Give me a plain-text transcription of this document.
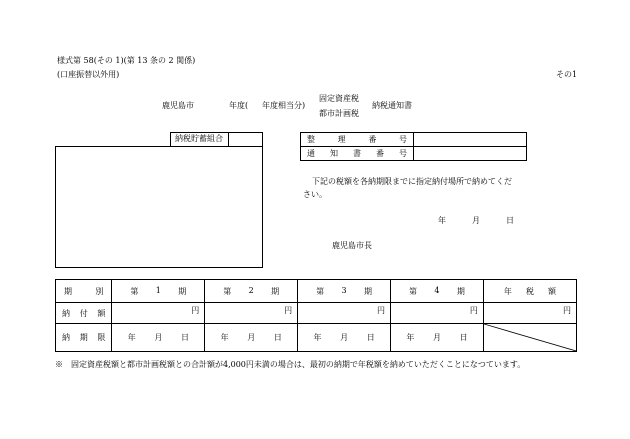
様式第 58(その 1)(第 13 条の 2 関係)
(口座振替以外用)	その1
鹿児島市	年度( 年度相当分)
固定資産税
都市計画税
納税通知書
納税貯蓄組合	整 理 番 号	

通 知 書 番 号	

下記の税額を各納期限までに指定納付場所で納めてくだ
さい。
年	月	日
鹿児島市長
期 別	第 1 期	第 2 期	第 3 期	第 4 期	年 税 額

納 付 額	円	円	円	円	円

納 期 限	年 月 日	年 月 日	年 月 日	年 月 日

※　固定資産税額と都市計画税額との合計額が4,000円未満の場合は、最初の納期で年税額を納めていただくことになつています。
